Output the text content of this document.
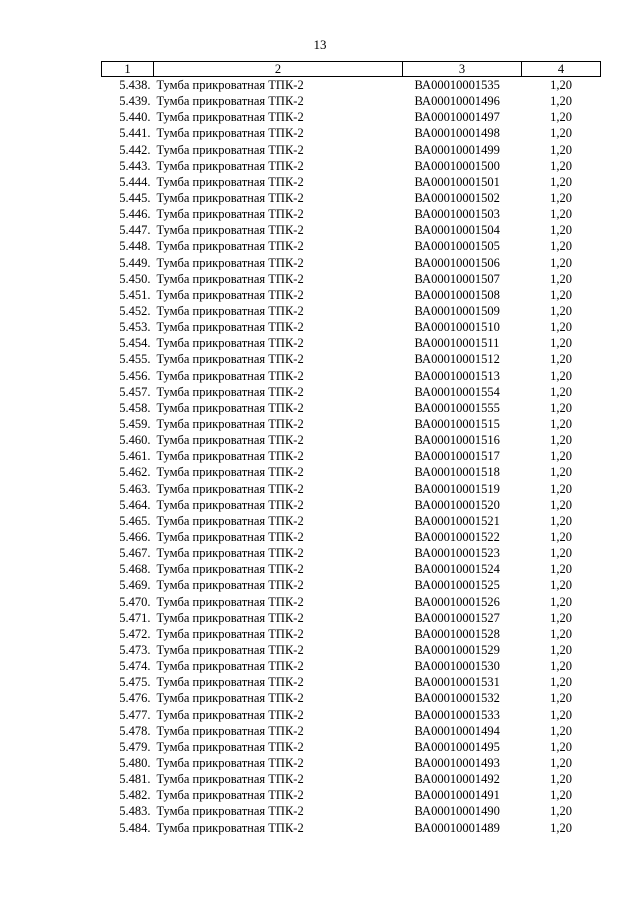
13
1	2	3	4
5.438.	Тумба прикроватная ТПК-2	ВА00010001535	1,20
5.439.	Тумба прикроватная ТПК-2	ВА00010001496	1,20
5.440.	Тумба прикроватная ТПК-2	ВА00010001497	1,20
5.441.	Тумба прикроватная ТПК-2	ВА00010001498	1,20
5.442.	Тумба прикроватная ТПК-2	ВА00010001499	1,20
5.443.	Тумба прикроватная ТПК-2	ВА00010001500	1,20
5.444.	Тумба прикроватная ТПК-2	ВА00010001501	1,20
5.445.	Тумба прикроватная ТПК-2	ВА00010001502	1,20
5.446.	Тумба прикроватная ТПК-2	ВА00010001503	1,20
5.447.	Тумба прикроватная ТПК-2	ВА00010001504	1,20
5.448.	Тумба прикроватная ТПК-2	ВА00010001505	1,20
5.449.	Тумба прикроватная ТПК-2	ВА00010001506	1,20
5.450.	Тумба прикроватная ТПК-2	ВА00010001507	1,20
5.451.	Тумба прикроватная ТПК-2	ВА00010001508	1,20
5.452.	Тумба прикроватная ТПК-2	ВА00010001509	1,20
5.453.	Тумба прикроватная ТПК-2	ВА00010001510	1,20
5.454.	Тумба прикроватная ТПК-2	ВА00010001511	1,20
5.455.	Тумба прикроватная ТПК-2	ВА00010001512	1,20
5.456.	Тумба прикроватная ТПК-2	ВА00010001513	1,20
5.457.	Тумба прикроватная ТПК-2	ВА00010001554	1,20
5.458.	Тумба прикроватная ТПК-2	ВА00010001555	1,20
5.459.	Тумба прикроватная ТПК-2	ВА00010001515	1,20
5.460.	Тумба прикроватная ТПК-2	ВА00010001516	1,20
5.461.	Тумба прикроватная ТПК-2	ВА00010001517	1,20
5.462.	Тумба прикроватная ТПК-2	ВА00010001518	1,20
5.463.	Тумба прикроватная ТПК-2	ВА00010001519	1,20
5.464.	Тумба прикроватная ТПК-2	ВА00010001520	1,20
5.465.	Тумба прикроватная ТПК-2	ВА00010001521	1,20
5.466.	Тумба прикроватная ТПК-2	ВА00010001522	1,20
5.467.	Тумба прикроватная ТПК-2	ВА00010001523	1,20
5.468.	Тумба прикроватная ТПК-2	ВА00010001524	1,20
5.469.	Тумба прикроватная ТПК-2	ВА00010001525	1,20
5.470.	Тумба прикроватная ТПК-2	ВА00010001526	1,20
5.471.	Тумба прикроватная ТПК-2	ВА00010001527	1,20
5.472.	Тумба прикроватная ТПК-2	ВА00010001528	1,20
5.473.	Тумба прикроватная ТПК-2	ВА00010001529	1,20
5.474.	Тумба прикроватная ТПК-2	ВА00010001530	1,20
5.475.	Тумба прикроватная ТПК-2	ВА00010001531	1,20
5.476.	Тумба прикроватная ТПК-2	ВА00010001532	1,20
5.477.	Тумба прикроватная ТПК-2	ВА00010001533	1,20
5.478.	Тумба прикроватная ТПК-2	ВА00010001494	1,20
5.479.	Тумба прикроватная ТПК-2	ВА00010001495	1,20
5.480.	Тумба прикроватная ТПК-2	ВА00010001493	1,20
5.481.	Тумба прикроватная ТПК-2	ВА00010001492	1,20
5.482.	Тумба прикроватная ТПК-2	ВА00010001491	1,20
5.483.	Тумба прикроватная ТПК-2	ВА00010001490	1,20
5.484.	Тумба прикроватная ТПК-2	ВА00010001489	1,20
